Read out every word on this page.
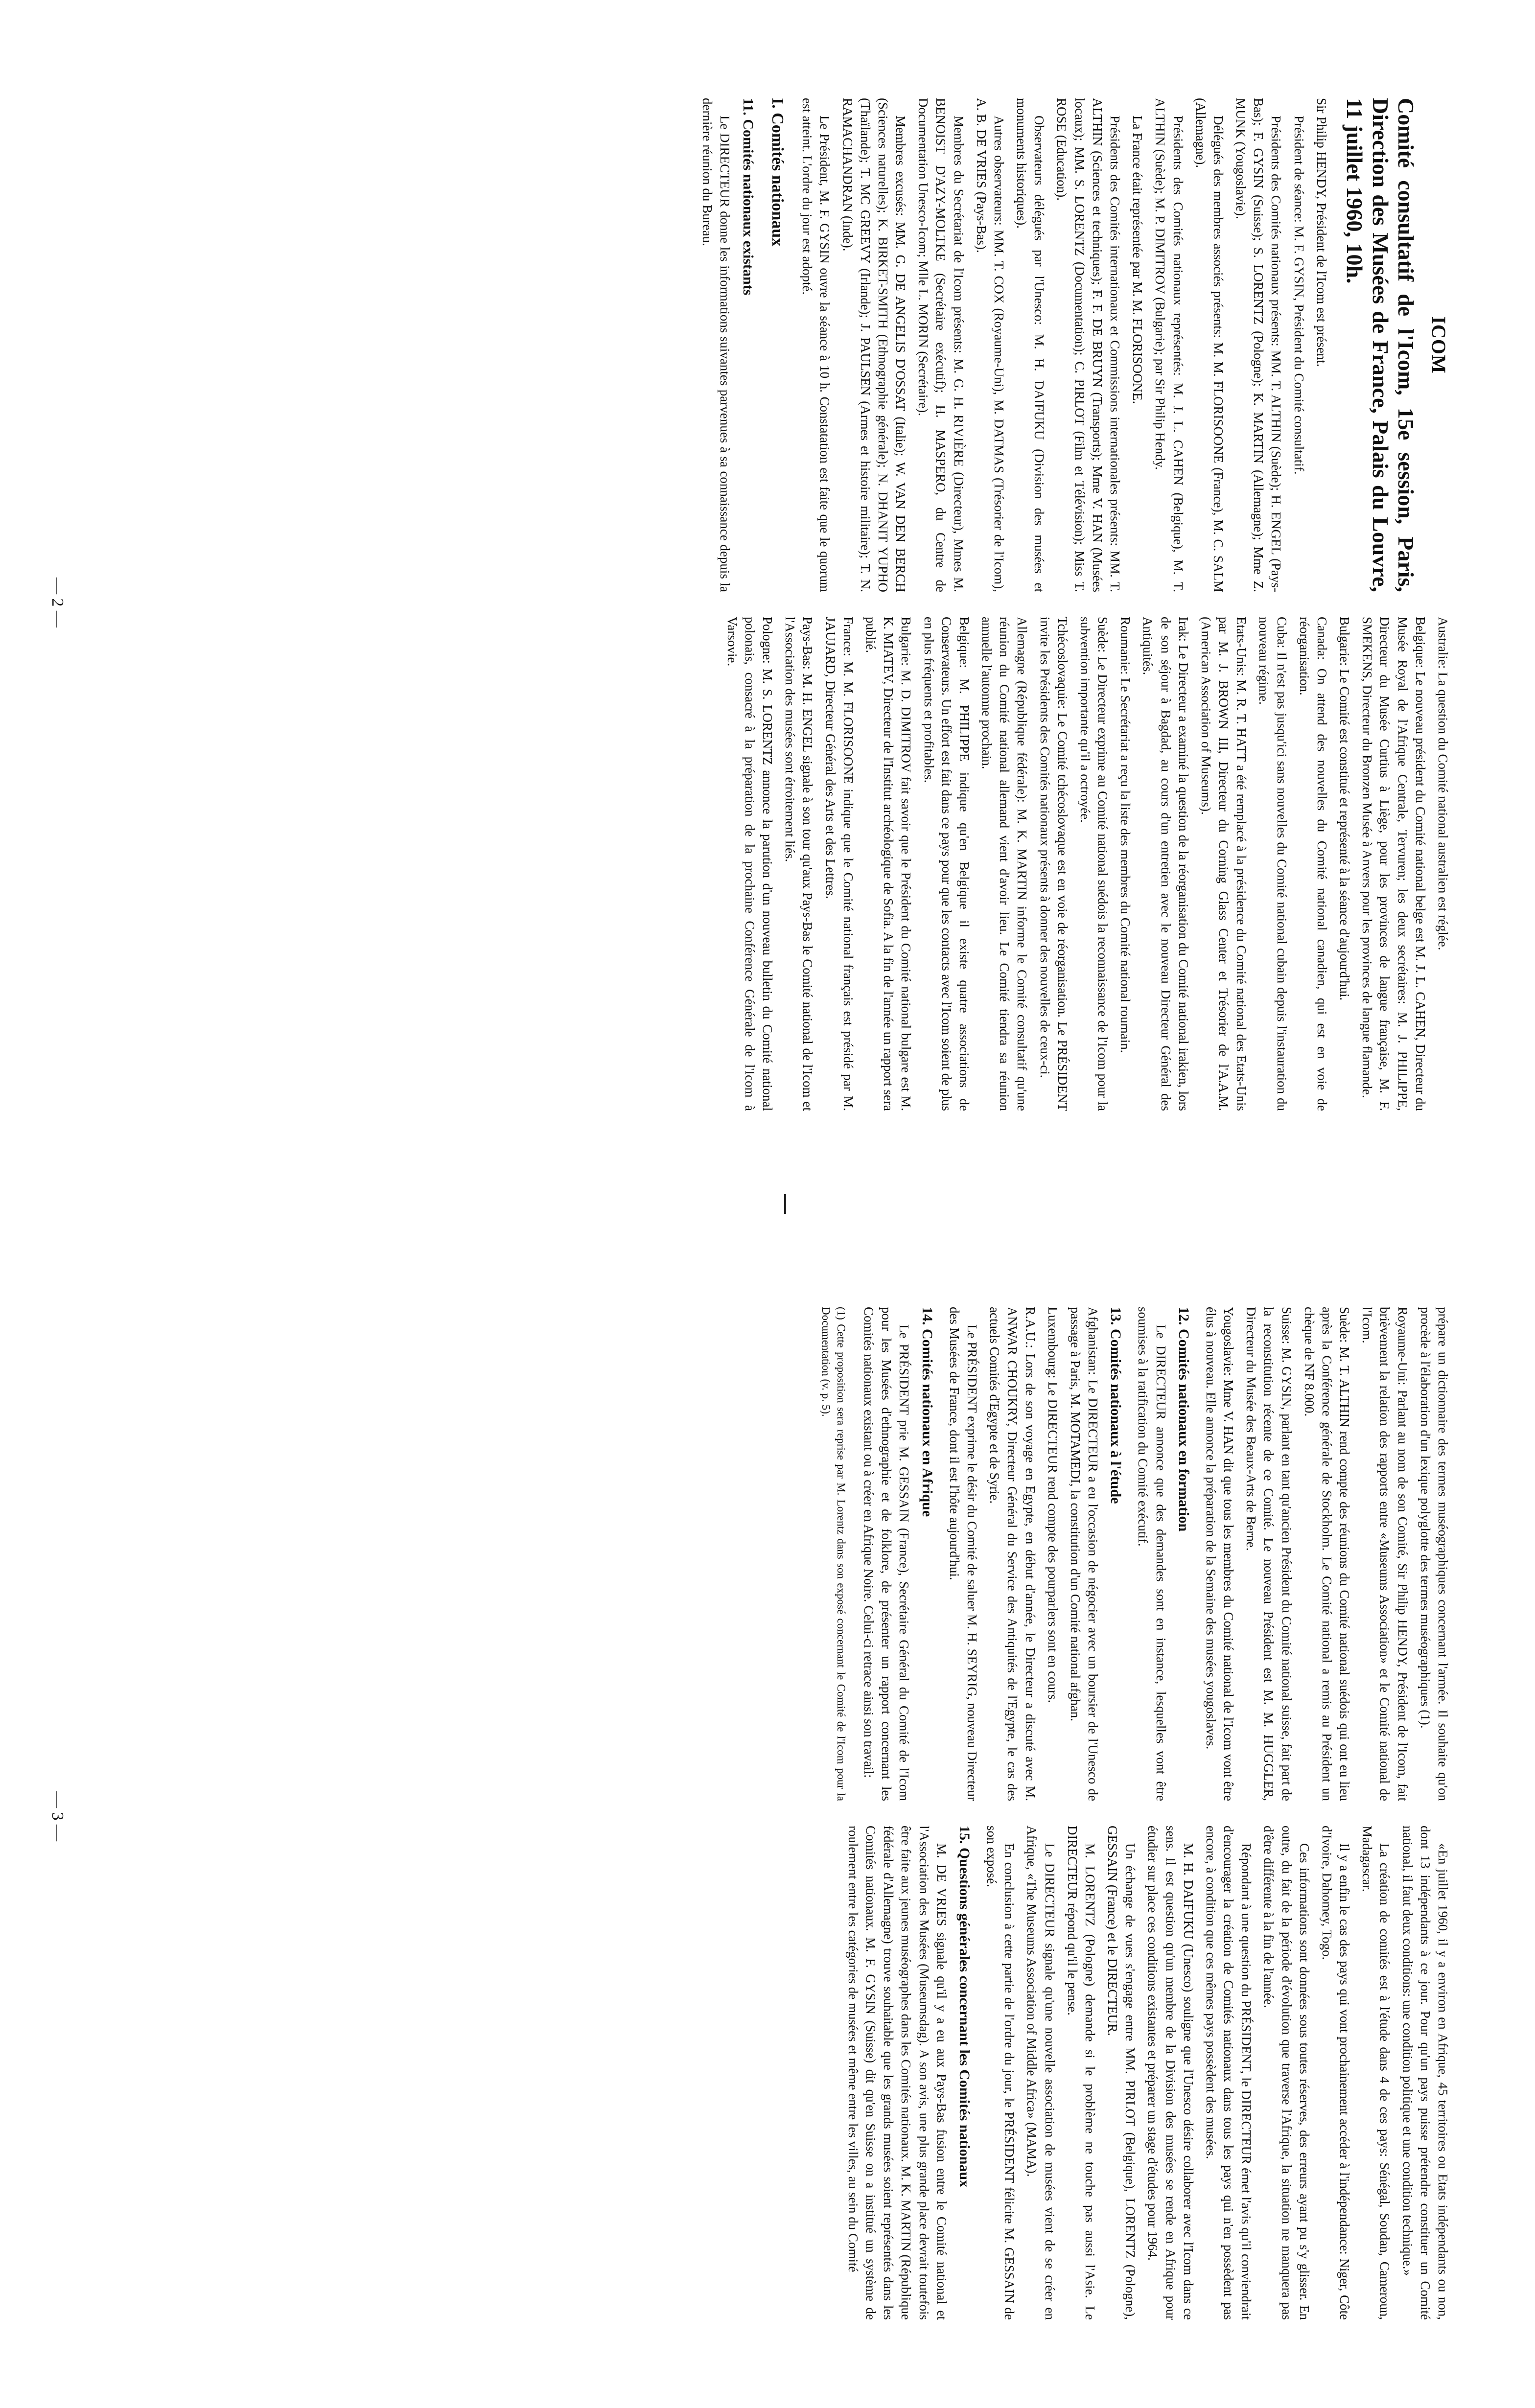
ICOM
Comité consultatif de l'Icom, 15e session, Paris, Direction des Musées de France, Palais du Louvre, 11 juillet 1960, 10h.

Sir Philip HENDY, Président de l'Icom est présent.

Président de séance: M. F. GYSIN, Président du Comité consultatif.

Présidents des Comités nationaux présents: MM. T. ALTHIN (Suède); H. ENGEL (Pays-Bas); F. GYSIN (Suisse); S. LORENTZ (Pologne); K. MARTIN (Allemagne); Mme Z. MUNK (Yougoslavie).

Délégués des membres associés présents: M. M. FLORISOONE (France), M. C. SALM (Allemagne).

Présidents des Comités nationaux représentés: M. J. L. CAHEN (Belgique), M. T. ALTHIN (Suède); M. P. DIMITROV (Bulgarie); par Sir Philip Hendy.

La France était représentée par M. M. FLORISOONE.

Présidents des Comités internationaux et Commissions internationales présents: MM. T. ALTHIN (Sciences et techniques); F. F. DE BRUYN (Transports); Mme V. HAN (Musées locaux); MM. S. LORENTZ (Documentation); C. PIRLOT (Film et Télévision); Miss T. ROSE (Education).

Observateurs délégués par l'Unesco: M. H. DAIFUKU (Division des musées et monuments historiques).

Autres observateurs: MM. T. COX (Royaume-Uni), M. DATMAS (Trésorier de l'Icom), A. B. DE VRIES (Pays-Bas).

Membres du Secrétariat de l'Icom présents: M. G. H. RIVIÈRE (Directeur), Mmes M. BENOIST D'AZY-MOLTKE (Secrétaire exécutif); H. MASPERO, du Centre de Documentation Unesco-Icom; Mlle L. MORIN (Secrétaire).

Membres excusés: MM. G. DE ANGELIS D'OSSAT (Italie); W. VAN DEN BERCH (Sciences naturelles); K. BIRKET-SMITH (Ethnographie générale); N. DHANIT YUPHO (Thaïlande); T. MC GREEVY (Irlande); J. PAULSEN (Armes et histoire militaire); T. N. RAMACHANDRAN (Inde).

Le Président, M. F. GYSIN ouvre la séance à 10 h. Constatation est faite que le quorum est atteint. L'ordre du jour est adopté.

I. Comités nationaux
11. Comités nationaux existants

Le DIRECTEUR donne les informations suivantes parvenues à sa connaissance depuis la dernière réunion du Bureau.

Australie: La question du Comité national australien est réglée.

Belgique: Le nouveau président du Comité national belge est M. J. L. CAHEN, Directeur du Musée Royal de l'Afrique Centrale, Tervuren; les deux secrétaires: M. J. PHILIPPE, Directeur du Musée Curtius à Liège, pour les provinces de langue française, M. F. SMEKENS, Directeur du Bronzen Musée à Anvers pour les provinces de langue flamande.

Bulgarie: Le Comité est constitué et représenté à la séance d'aujourd'hui.

Canada: On attend des nouvelles du Comité national canadien, qui est en voie de réorganisation.

Cuba: Il n'est pas jusqu'ici sans nouvelles du Comité national cubain depuis l'instauration du nouveau régime.

Etats-Unis: M. R. T. HATT a été remplacé à la présidence du Comité national des Etats-Unis par M. J. BROWN III, Directeur du Corning Glass Center et Trésorier de l'A.A.M. (American Association of Museums).

Irak: Le Directeur a examiné la question de la réorganisation du Comité national irakien, lors de son séjour à Bagdad, au cours d'un entretien avec le nouveau Directeur Général des Antiquités.

Roumanie: Le Secrétariat a reçu la liste des membres du Comité national roumain.

Suède: Le Directeur exprime au Comité national suédois la reconnaissance de l'Icom pour la subvention importante qu'il a octroyée.

Tchécoslovaquie: Le Comité tchécoslovaque est en voie de réorganisation. Le PRÉSIDENT invite les Présidents des Comités nationaux présents à donner des nouvelles de ceux-ci.

Allemagne (République fédérale): M. K. MARTIN informe le Comité consultatif qu'une réunion du Comité national allemand vient d'avoir lieu. Le Comité tiendra sa réunion annuelle l'automne prochain.

Belgique: M. PHILIPPE indique qu'en Belgique il existe quatre associations de Conservateurs. Un effort est fait dans ce pays pour que les contacts avec l'Icom soient de plus en plus fréquents et profitables.

Bulgarie: M. D. DIMITROV fait savoir que le Président du Comité national bulgare est M. K. MIATEV, Directeur de l'Institut archéologique de Sofia. A la fin de l'année un rapport sera publié.

France: M. M. FLORISOONE indique que le Comité national français est présidé par M. JAUJARD, Directeur Général des Arts et des Lettres.

Pays-Bas: M. H. ENGEL signale à son tour qu'aux Pays-Bas le Comité national de l'Icom et l'Association des musées sont étroitement liés.

Pologne: M. S. LORENTZ annonce la parution d'un nouveau bulletin du Comité national polonais, consacré à la préparation de la prochaine Conférence Générale de l'Icom à Varsovie.

— 2 —

prépare un dictionnaire des termes muséographiques concernant l'armée. Il souhaite qu'on procède à l'élaboration d'un lexique polyglotte des termes muséographiques (1).

Royaume-Uni: Parlant au nom de son Comité, Sir Philip HENDY, Président de l'Icom, fait brièvement la relation des rapports entre «Museums Association» et le Comité national de l'Icom.

Suède: M. T. ALTHIN rend compte des réunions du Comité national suédois qui ont eu lieu après la Conférence générale de Stockholm. Le Comité national a remis au Président un chèque de NF 8.000.

Suisse: M. GYSIN, parlant en tant qu'ancien Président du Comité national suisse, fait part de la reconstitution récente de ce Comité. Le nouveau Président est M. M. HUGGLER, Directeur du Musée des Beaux-Arts de Berne.

Yougoslavie: Mme V. HAN dit que tous les membres du Comité national de l'Icom vont être élus à nouveau. Elle annonce la préparation de la Semaine des musées yougoslaves.

12. Comités nationaux en formation

Le DIRECTEUR annonce que des demandes sont en instance, lesquelles vont être soumises à la ratification du Comité exécutif.

13. Comités nationaux à l'étude

Afghanistan: Le DIRECTEUR a eu l'occasion de négocier avec un boursier de l'Unesco de passage à Paris, M. MOTAMEDI, la constitution d'un Comité national afghan.

Luxembourg: Le DIRECTEUR rend compte des pourparlers sont en cours.

R.A.U.: Lors de son voyage en Egypte, en début d'année, le Directeur a discuté avec M. ANWAR CHOUKRY, Directeur Général du Service des Antiquités de l'Egypte, le cas des actuels Comités d'Egypte et de Syrie.

Le PRÉSIDENT exprime le désir du Comité de saluer M. H. SEYRIG, nouveau Directeur des Musées de France, dont il est l'hôte aujourd'hui.

14. Comités nationaux en Afrique

Le PRÉSIDENT prie M. GESSAIN (France), Secrétaire Général du Comité de l'Icom pour les Musées d'ethnographie et de folklore, de présenter un rapport concernant les Comités nationaux existant ou à créer en Afrique Noire. Celui-ci retrace ainsi son travail:

(1) Cette proposition sera reprise par M. Lorentz dans son exposé concernant le Comité de l'Icom pour la Documentation (v. p. 5).

«En juillet 1960, il y a environ en Afrique, 45 territoires ou Etats indépendants ou non, dont 13 indépendants à ce jour. Pour qu'un pays puisse prétendre constituer un Comité national, il faut deux conditions: une condition politique et une condition technique.»

La création de comités est à l'étude dans 4 de ces pays: Sénégal, Soudan, Cameroun, Madagascar.

Il y a enfin le cas des pays qui vont prochainement accéder à l'indépendance: Niger, Côte d'Ivoire, Dahomey, Togo.

Ces informations sont données sous toutes réserves, des erreurs ayant pu s'y glisser. En outre, du fait de la période d'évolution que traverse l'Afrique, la situation ne manquera pas d'être différente à la fin de l'année.

Répondant à une question du PRÉSIDENT, le DIRECTEUR émet l'avis qu'il conviendrait d'encourager la création de Comités nationaux dans tous les pays qui n'en possèdent pas encore, à condition que ces mêmes pays possèdent des musées.

M. H. DAIFUKU (Unesco) souligne que l'Unesco désire collaborer avec l'Icom dans ce sens. Il est question qu'un membre de la Division des musées se rende en Afrique pour étudier sur place ces conditions existantes et préparer un stage d'études pour 1964.

Un échange de vues s'engage entre MM. PIRLOT (Belgique), LORENTZ (Pologne), GESSAIN (France) et le DIRECTEUR.

M. LORENTZ (Pologne) demande si le problème ne touche pas aussi l'Asie. Le DIRECTEUR répond qu'il le pense.

Le DIRECTEUR signale qu'une nouvelle association de musées vient de se créer en Afrique, «The Museums Association of Middle Africa» (MAMA).

En conclusion à cette partie de l'ordre du jour, le PRÉSIDENT félicite M. GESSAIN de son exposé.

15. Questions générales concernant les Comités nationaux

M. DE VRIES signale qu'il y a eu aux Pays-Bas fusion entre le Comité national et l'Association des Musées (Museumsdag). A son avis, une plus grande place devrait toutefois être faite aux jeunes muséographes dans les Comités nationaux. M. K. MARTIN (République fédérale d'Allemagne) trouve souhaitable que les grands musées soient représentés dans les Comités nationaux. M. F. GYSIN (Suisse) dit qu'en Suisse on a institué un système de roulement entre les catégories de musées et même entre les villes, au sein du Comité

— 3 —
